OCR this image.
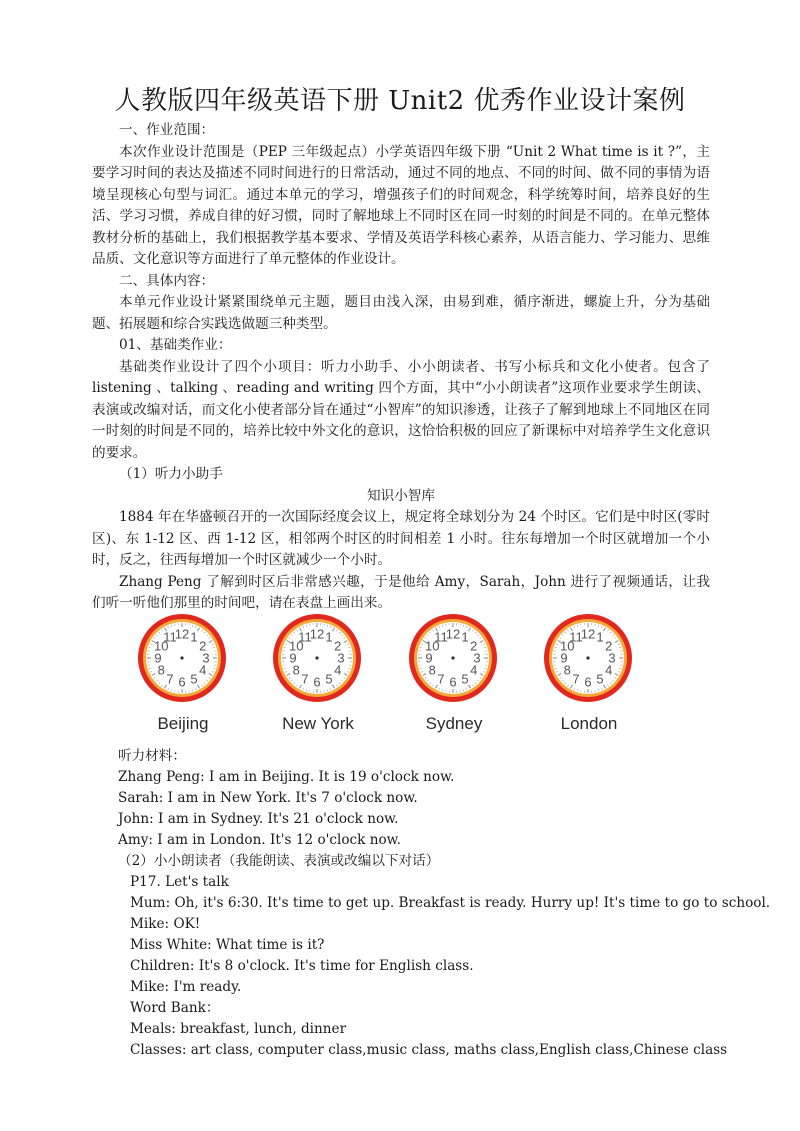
人教版四年级英语下册 Unit2 优秀作业设计案例

一、作业范围：

本次作业设计范围是（PEP 三年级起点）小学英语四年级下册 “Unit 2 What time is it ?”，主要学习时间的表达及描述不同时间进行的日常活动，通过不同的地点、不同的时间、做不同的事情为语境呈现核心句型与词汇。通过本单元的学习，增强孩子们的时间观念，科学统筹时间，培养良好的生活、学习习惯，养成自律的好习惯，同时了解地球上不同时区在同一时刻的时间是不同的。在单元整体教材分析的基础上，我们根据教学基本要求、学情及英语学科核心素养，从语言能力、学习能力、思维品质、文化意识等方面进行了单元整体的作业设计。

二、具体内容：

本单元作业设计紧紧围绕单元主题，题目由浅入深，由易到难，循序渐进，螺旋上升，分为基础题、拓展题和综合实践选做题三种类型。

01、基础类作业：

基础类作业设计了四个小项目：听力小助手、小小朗读者、书写小标兵和文化小使者。包含了 listening 、talking 、reading and writing 四个方面，其中“小小朗读者”这项作业要求学生朗读、表演或改编对话，而文化小使者部分旨在通过“小智库”的知识渗透，让孩子了解到地球上不同地区在同一时刻的时间是不同的，培养比较中外文化的意识，这恰恰积极的回应了新课标中对培养学生文化意识的要求。

（1）听力小助手

知识小智库

1884 年在华盛顿召开的一次国际经度会议上，规定将全球划分为 24 个时区。它们是中时区(零时区)、东 1-12 区、西 1-12 区，相邻两个时区的时间相差 1 小时。往东每增加一个时区就增加一个小时，反之，往西每增加一个时区就减少一个小时。

Zhang Peng 了解到时区后非常感兴趣，于是他给 Amy，Sarah，John 进行了视频通话，让我们听一听他们那里的时间吧，请在表盘上画出来。

12 1
2
3
4
5
6
7
8
9
10
11
Beijing
12 1
2
3
4
5
6
7
8
9
10
11
New York
12 1
2
3
4
5
6
7
8
9
10
11
Sydney
12 1
2
3
4
5
6
7
8
9
10
11
London

听力材料：

Zhang Peng: I am in Beijing. It is 19 o'clock now.

Sarah: I am in New York. It's 7 o'clock now.

John: I am in Sydney. It's 21 o'clock now.

Amy: I am in London. It's 12 o'clock now.

（2）小小朗读者（我能朗读、表演或改编以下对话）

P17. Let's talk

Mum: Oh, it's 6:30. It's time to get up. Breakfast is ready. Hurry up! It's time to go to school.

Mike: OK!

Miss White: What time is it?

Children: It's 8 o'clock. It's time for English class.

Mike: I'm ready.

Word Bank：

Meals: breakfast, lunch, dinner

Classes: art class, computer class,music class, maths class,English class,Chinese class
